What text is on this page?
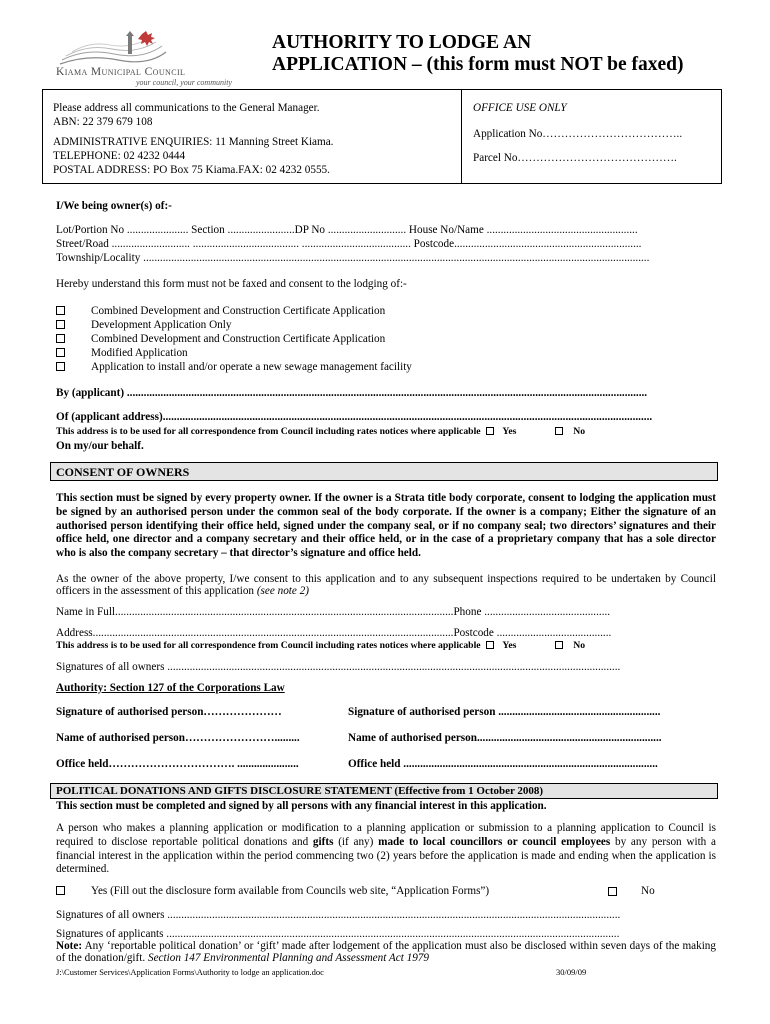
Kiama Municipal Council
your council, your community
AUTHORITY TO LODGE AN
APPLICATION – (this form must NOT be faxed)
Please address all communications to the General Manager.
ABN: 22 379 679 108
ADMINISTRATIVE ENQUIRIES: 11 Manning Street Kiama.
TELEPHONE: 02 4232 0444
POSTAL ADDRESS: PO Box 75 Kiama.FAX: 02 4232 0555.
OFFICE USE ONLY
Application No………………………………..
Parcel No…………………………………….
I/We being owner(s) of:-
Lot/Portion No ...................... Section ........................DP No ............................ House No/Name ......................................................
Street/Road ............................ ...................................... ....................................... Postcode...................................................................
Township/Locality .....................................................................................................................................................................................
Hereby understand this form must not be faxed and consent to the lodging of:-
Combined Development and Construction Certificate Application
Development Application Only
Combined Development and Construction Certificate Application
Modified Application
Application to install and/or operate a new sewage management facility
By (applicant) ..........................................................................................................................................................................................
Of (applicant address)...............................................................................................................................................................................
This address is to be used for all correspondence from Council including rates notices where applicable Yes	No
On my/our behalf.
CONSENT OF OWNERS
This section must be signed by every property owner. If the owner is a Strata title body corporate, consent to lodging the application must be signed by an authorised person under the common seal of the body corporate. If the owner is a company; Either the signature of an authorised person identifying their office held, signed under the company seal, or if no company seal; two directors’ signatures and their office held, one director and a company secretary and their office held, or in the case of a proprietary company that has a sole director who is also the company secretary – that director’s signature and office held.
As the owner of the above property, I/we consent to this application and to any subsequent inspections required to be undertaken by Council officers in the assessment of this application (see note 2)
Name in Full.........................................................................................................................Phone .............................................
Address.................................................................................................................................Postcode .........................................
This address is to be used for all correspondence from Council including rates notices where applicable Yes	No
Signatures of all owners ..................................................................................................................................................................
Authority: Section 127 of the Corporations Law
Signature of authorised person…………………	Signature of authorised person ..........................................................
Name of authorised person…………………….........	Name of authorised person..................................................................
Office held……………………………. ......................	Office held ...........................................................................................
POLITICAL DONATIONS AND GIFTS DISCLOSURE STATEMENT (Effective from 1 October 2008)
This section must be completed and signed by all persons with any financial interest in this application.
A person who makes a planning application or modification to a planning application or submission to a planning application to Council is required to disclose reportable political donations and gifts (if any) made to local councillors or council employees by any person with a financial interest in the application within the period commencing two (2) years before the application is made and ending when the application is determined.
Yes (Fill out the disclosure form available from Councils web site, “Application Forms”)	No
Signatures of all owners ..................................................................................................................................................................
Signatures of applicants ..................................................................................................................................................................
Note: Any ‘reportable political donation’ or ‘gift’ made after lodgement of the application must also be disclosed within seven days of the making of the donation/gift. Section 147 Environmental Planning and Assessment Act 1979
J:\Customer Services\Application Forms\Authority to lodge an application.doc	30/09/09
